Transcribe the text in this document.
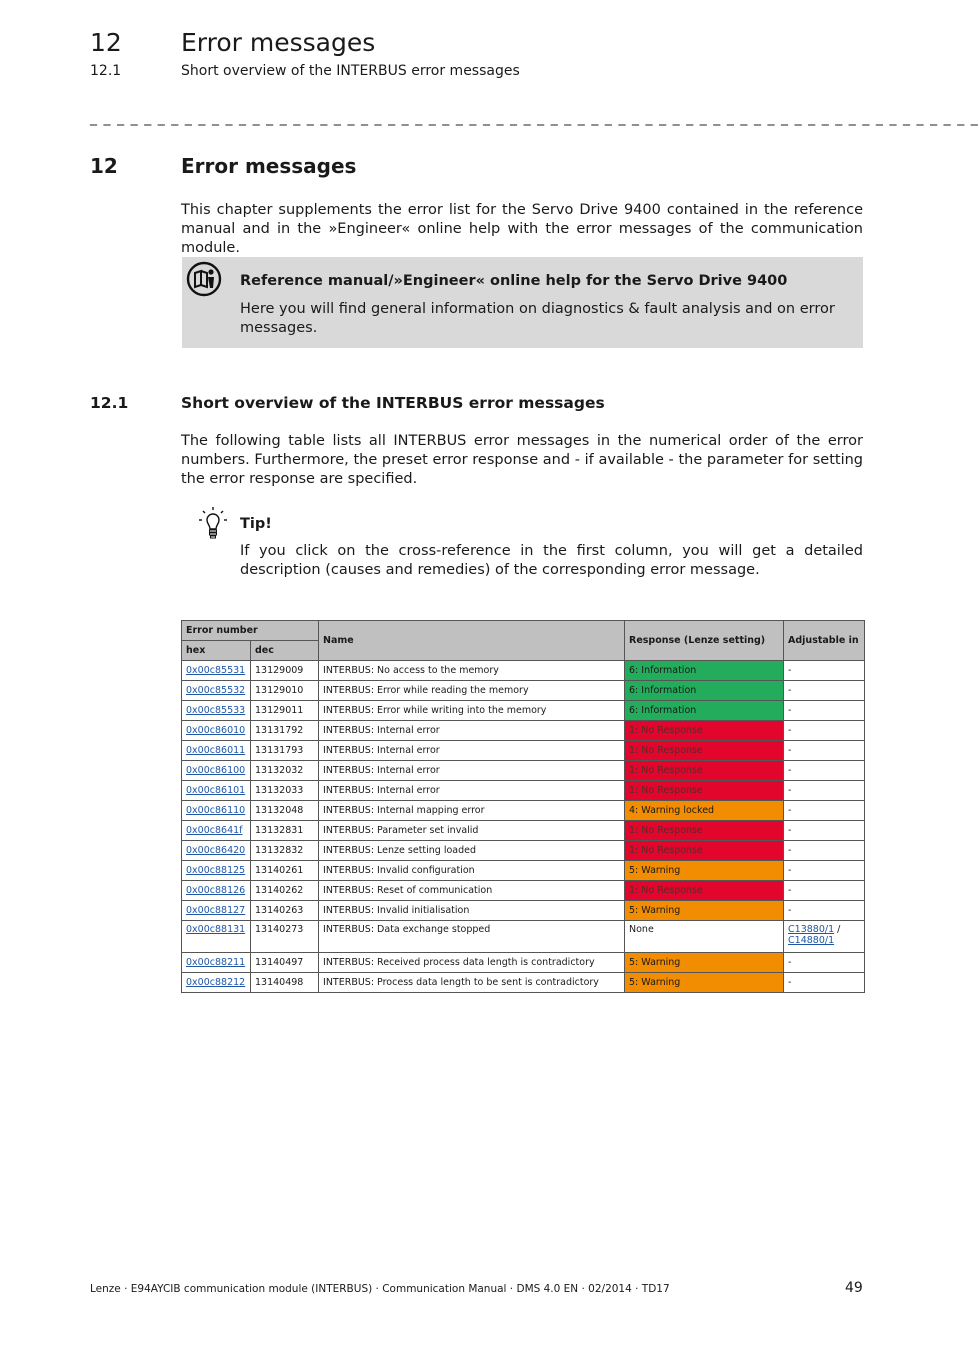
12 Error messages
12.1	Short overview of the INTERBUS error messages
_ _ _ _ _ _ _ _ _ _ _ _ _ _ _ _ _ _ _ _ _ _ _ _ _ _ _ _ _ _ _ _ _ _ _ _ _ _ _ _ _ _ _ _ _ _ _ _ _ _ _ _ _ _ _ _ _ _ _ _ _ _ _ _ _ _
12	Error messages
This chapter supplements the error list for the Servo Drive 9400 contained in the reference manual and in the »Engineer« online help with the error messages of the communication module.
Reference manual/»Engineer« online help for the Servo Drive 9400
Here you will find general information on diagnostics & fault analysis and on error messages.
12.1	Short overview of the INTERBUS error messages
The following table lists all INTERBUS error messages in the numerical order of the error numbers. Furthermore, the preset error response and - if available - the parameter for setting the error response are specified.
Tip!
If you click on the cross-reference in the first column, you will get a detailed description (causes and remedies) of the corresponding error message.
Error number		Name	Response (Lenze setting)	Adjustable in
hex	dec			
0x00c85531	13129009	INTERBUS: No access to the memory	6: Information	-
0x00c85532	13129010	INTERBUS: Error while reading the memory	6: Information	-
0x00c85533	13129011	INTERBUS: Error while writing into the memory	6: Information	-
0x00c86010	13131792	INTERBUS: Internal error	1: No Response	-
0x00c86011	13131793	INTERBUS: Internal error	1: No Response	-
0x00c86100	13132032	INTERBUS: Internal error	1: No Response	-
0x00c86101	13132033	INTERBUS: Internal error	1: No Response	-
0x00c86110	13132048	INTERBUS: Internal mapping error	4: Warning locked	-
0x00c8641f	13132831	INTERBUS: Parameter set invalid	1: No Response	-
0x00c86420	13132832	INTERBUS: Lenze setting loaded	1: No Response	-
0x00c88125	13140261	INTERBUS: Invalid configuration	5: Warning	-
0x00c88126	13140262	INTERBUS: Reset of communication	1: No Response	-
0x00c88127	13140263	INTERBUS: Invalid initialisation	5: Warning	-
0x00c88131	13140273	INTERBUS: Data exchange stopped	None	C13880/1 /
C14880/1
0x00c88211	13140497	INTERBUS: Received process data length is contradictory	5: Warning	-
0x00c88212	13140498	INTERBUS: Process data length to be sent is contradictory	5: Warning	-
Lenze · E94AYCIB communication module (INTERBUS) · Communication Manual · DMS 4.0 EN · 02/2014 · TD17	49
